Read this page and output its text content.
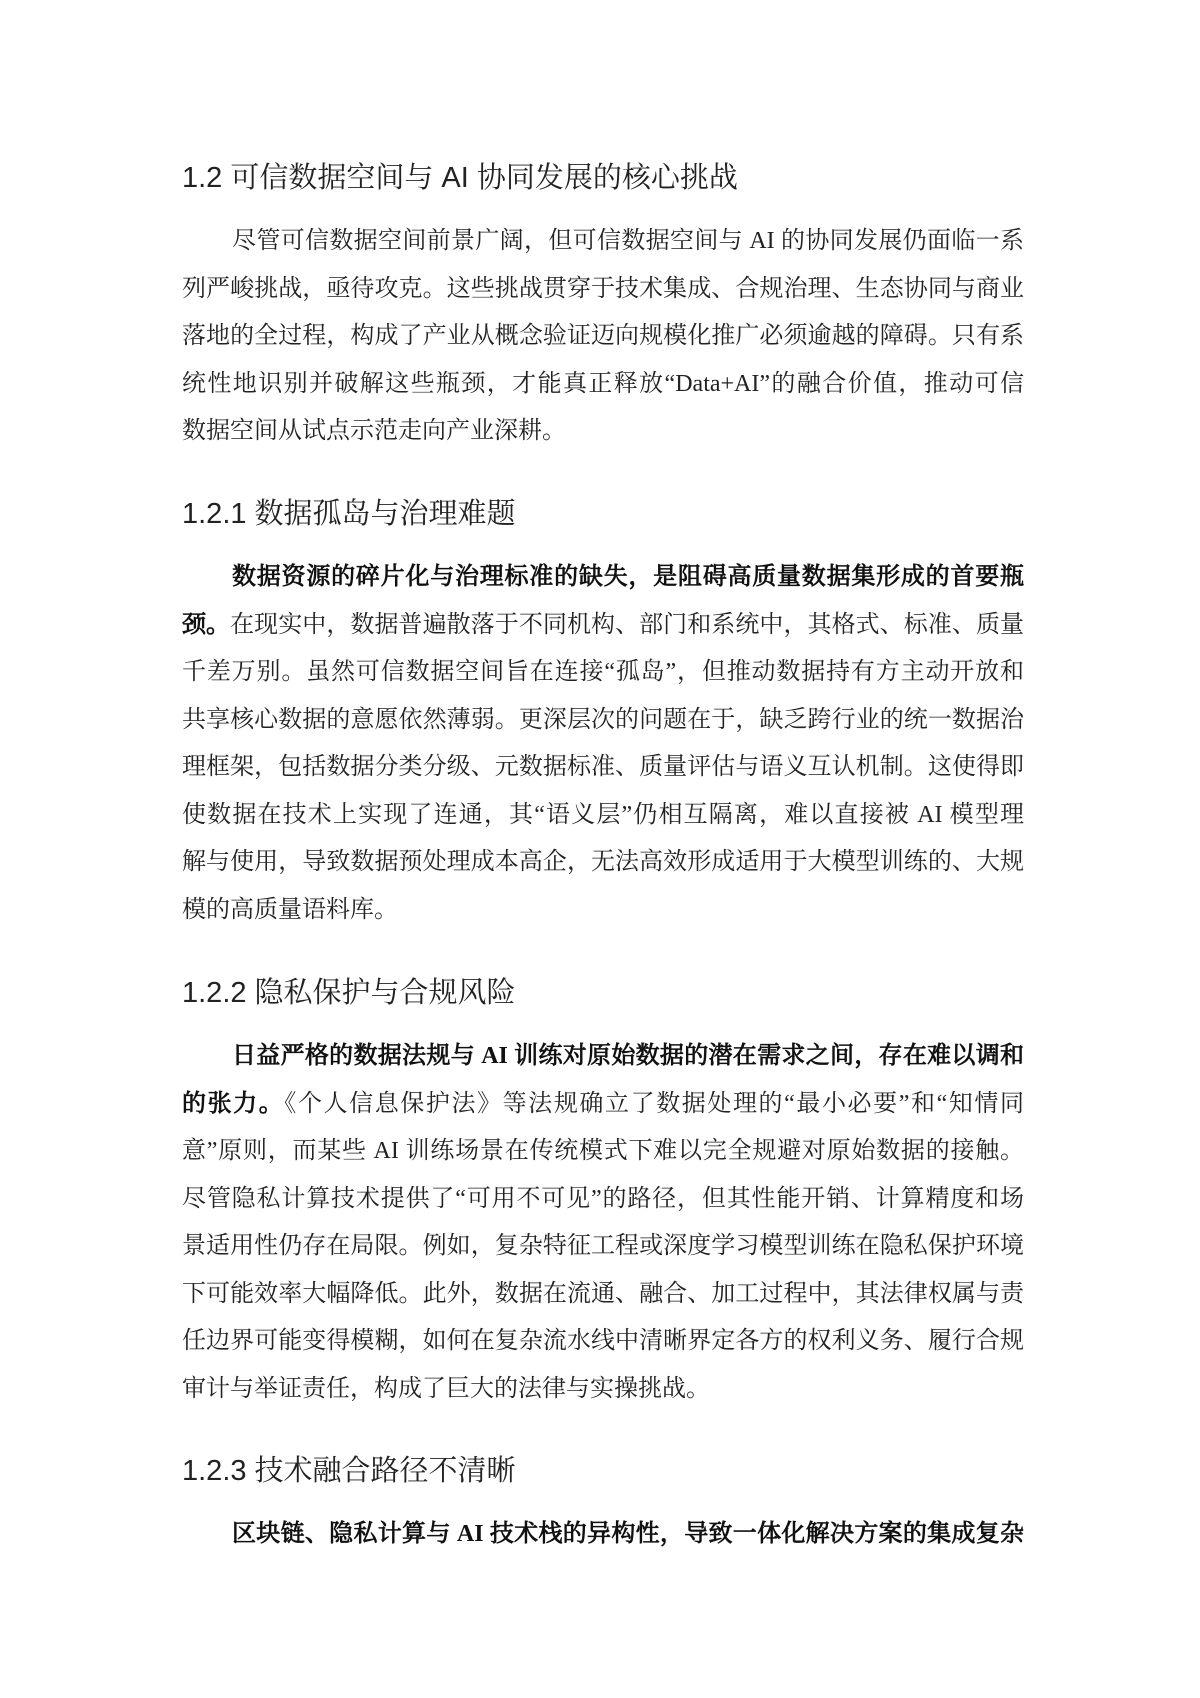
1.2 可信数据空间与 AI 协同发展的核心挑战
尽管可信数据空间前景广阔，但可信数据空间与 AI 的协同发展仍面临一系
列严峻挑战，亟待攻克。这些挑战贯穿于技术集成、合规治理、生态协同与商业
落地的全过程，构成了产业从概念验证迈向规模化推广必须逾越的障碍。只有系
统性地识别并破解这些瓶颈，才能真正释放“Data+AI”的融合价值，推动可信
数据空间从试点示范走向产业深耕。
1.2.1 数据孤岛与治理难题
数据资源的碎片化与治理标准的缺失，是阻碍高质量数据集形成的首要瓶
颈。在现实中，数据普遍散落于不同机构、部门和系统中，其格式、标准、质量
千差万别。虽然可信数据空间旨在连接“孤岛”，但推动数据持有方主动开放和
共享核心数据的意愿依然薄弱。更深层次的问题在于，缺乏跨行业的统一数据治
理框架，包括数据分类分级、元数据标准、质量评估与语义互认机制。这使得即
使数据在技术上实现了连通，其“语义层”仍相互隔离，难以直接被 AI 模型理
解与使用，导致数据预处理成本高企，无法高效形成适用于大模型训练的、大规
模的高质量语料库。
1.2.2 隐私保护与合规风险
日益严格的数据法规与 AI 训练对原始数据的潜在需求之间，存在难以调和
的张力。《个人信息保护法》等法规确立了数据处理的“最小必要”和“知情同
意”原则，而某些 AI 训练场景在传统模式下难以完全规避对原始数据的接触。
尽管隐私计算技术提供了“可用不可见”的路径，但其性能开销、计算精度和场
景适用性仍存在局限。例如，复杂特征工程或深度学习模型训练在隐私保护环境
下可能效率大幅降低。此外，数据在流通、融合、加工过程中，其法律权属与责
任边界可能变得模糊，如何在复杂流水线中清晰界定各方的权利义务、履行合规
审计与举证责任，构成了巨大的法律与实操挑战。
1.2.3 技术融合路径不清晰
区块链、隐私计算与 AI 技术栈的异构性，导致一体化解决方案的集成复杂
